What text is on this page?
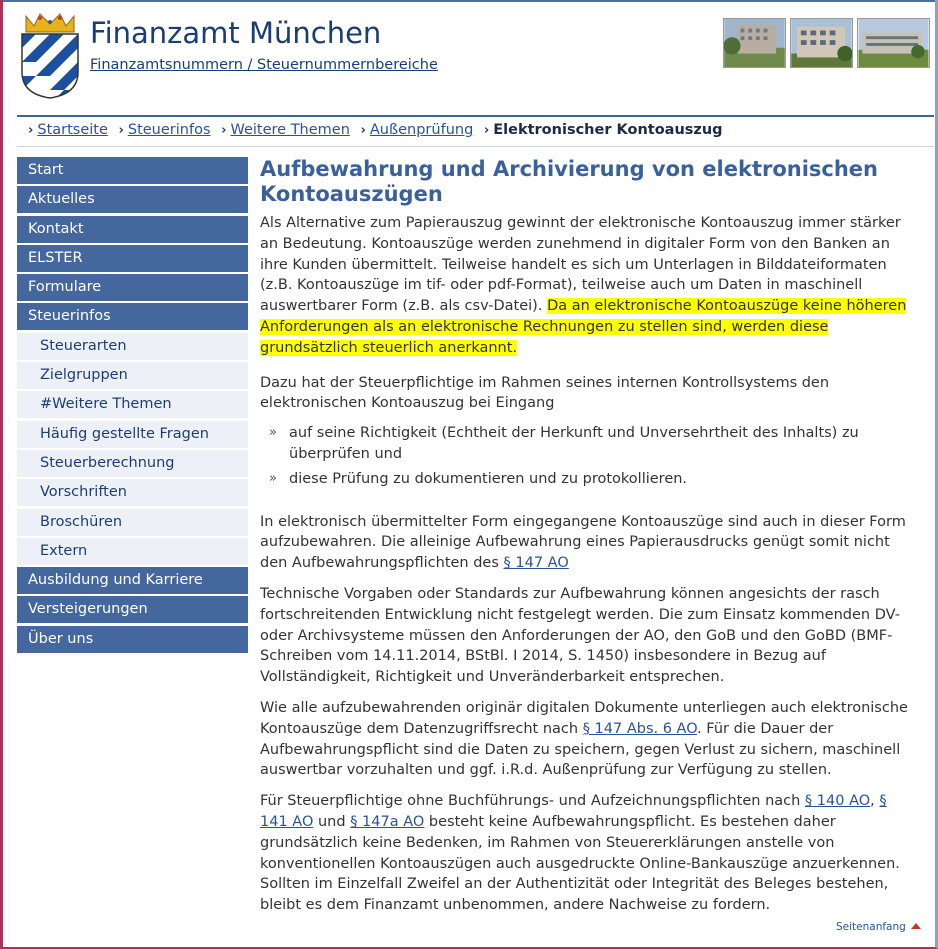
Finanzamt München
Finanzamtsnummern / Steuernummernbereiche
› Startseite › Steuerinfos › Weitere Themen › Außenprüfung › Elektronischer Kontoauszug
Start
Aktuelles
Kontakt
ELSTER
Formulare
Steuerinfos
Steuerarten
Zielgruppen
#Weitere Themen
Häufig gestellte Fragen
Steuerberechnung
Vorschriften
Broschüren
Extern
Ausbildung und Karriere
Versteigerungen
Über uns
Aufbewahrung und Archivierung von elektronischen Kontoauszügen

Als Alternative zum Papierauszug gewinnt der elektronische Kontoauszug immer stärker an Bedeutung. Kontoauszüge werden zunehmend in digitaler Form von den Banken an ihre Kunden übermittelt. Teilweise handelt es sich um Unterlagen in Bilddateiformaten (z.B. Kontoauszüge im tif- oder pdf-Format), teilweise auch um Daten in maschinell auswertbarer Form (z.B. als csv-Datei). Da an elektronische Kontoauszüge keine höheren Anforderungen als an elektronische Rechnungen zu stellen sind, werden diese grundsätzlich steuerlich anerkannt.

Dazu hat der Steuerpflichtige im Rahmen seines internen Kontrollsystems den elektronischen Kontoauszug bei Eingang

» auf seine Richtigkeit (Echtheit der Herkunft und Unversehrtheit des Inhalts) zu überprüfen und
» diese Prüfung zu dokumentieren und zu protokollieren.

In elektronisch übermittelter Form eingegangene Kontoauszüge sind auch in dieser Form aufzubewahren. Die alleinige Aufbewahrung eines Papierausdrucks genügt somit nicht den Aufbewahrungspflichten des § 147 AO

Technische Vorgaben oder Standards zur Aufbewahrung können angesichts der rasch fortschreitenden Entwicklung nicht festgelegt werden. Die zum Einsatz kommenden DV- oder Archivsysteme müssen den Anforderungen der AO, den GoB und den GoBD (BMF-Schreiben vom 14.11.2014, BStBl. I 2014, S. 1450) insbesondere in Bezug auf Vollständigkeit, Richtigkeit und Unveränderbarkeit entsprechen.

Wie alle aufzubewahrenden originär digitalen Dokumente unterliegen auch elektronische Kontoauszüge dem Datenzugriffsrecht nach § 147 Abs. 6 AO. Für die Dauer der Aufbewahrungspflicht sind die Daten zu speichern, gegen Verlust zu sichern, maschinell auswertbar vorzuhalten und ggf. i.R.d. Außenprüfung zur Verfügung zu stellen.

Für Steuerpflichtige ohne Buchführungs- und Aufzeichnungspflichten nach § 140 AO, § 141 AO und § 147a AO besteht keine Aufbewahrungspflicht. Es bestehen daher grundsätzlich keine Bedenken, im Rahmen von Steuererklärungen anstelle von konventionellen Kontoauszügen auch ausgedruckte Online-Bankauszüge anzuerkennen. Sollten im Einzelfall Zweifel an der Authentizität oder Integrität des Beleges bestehen, bleibt es dem Finanzamt unbenommen, andere Nachweise zu fordern.

Seitenanfang
